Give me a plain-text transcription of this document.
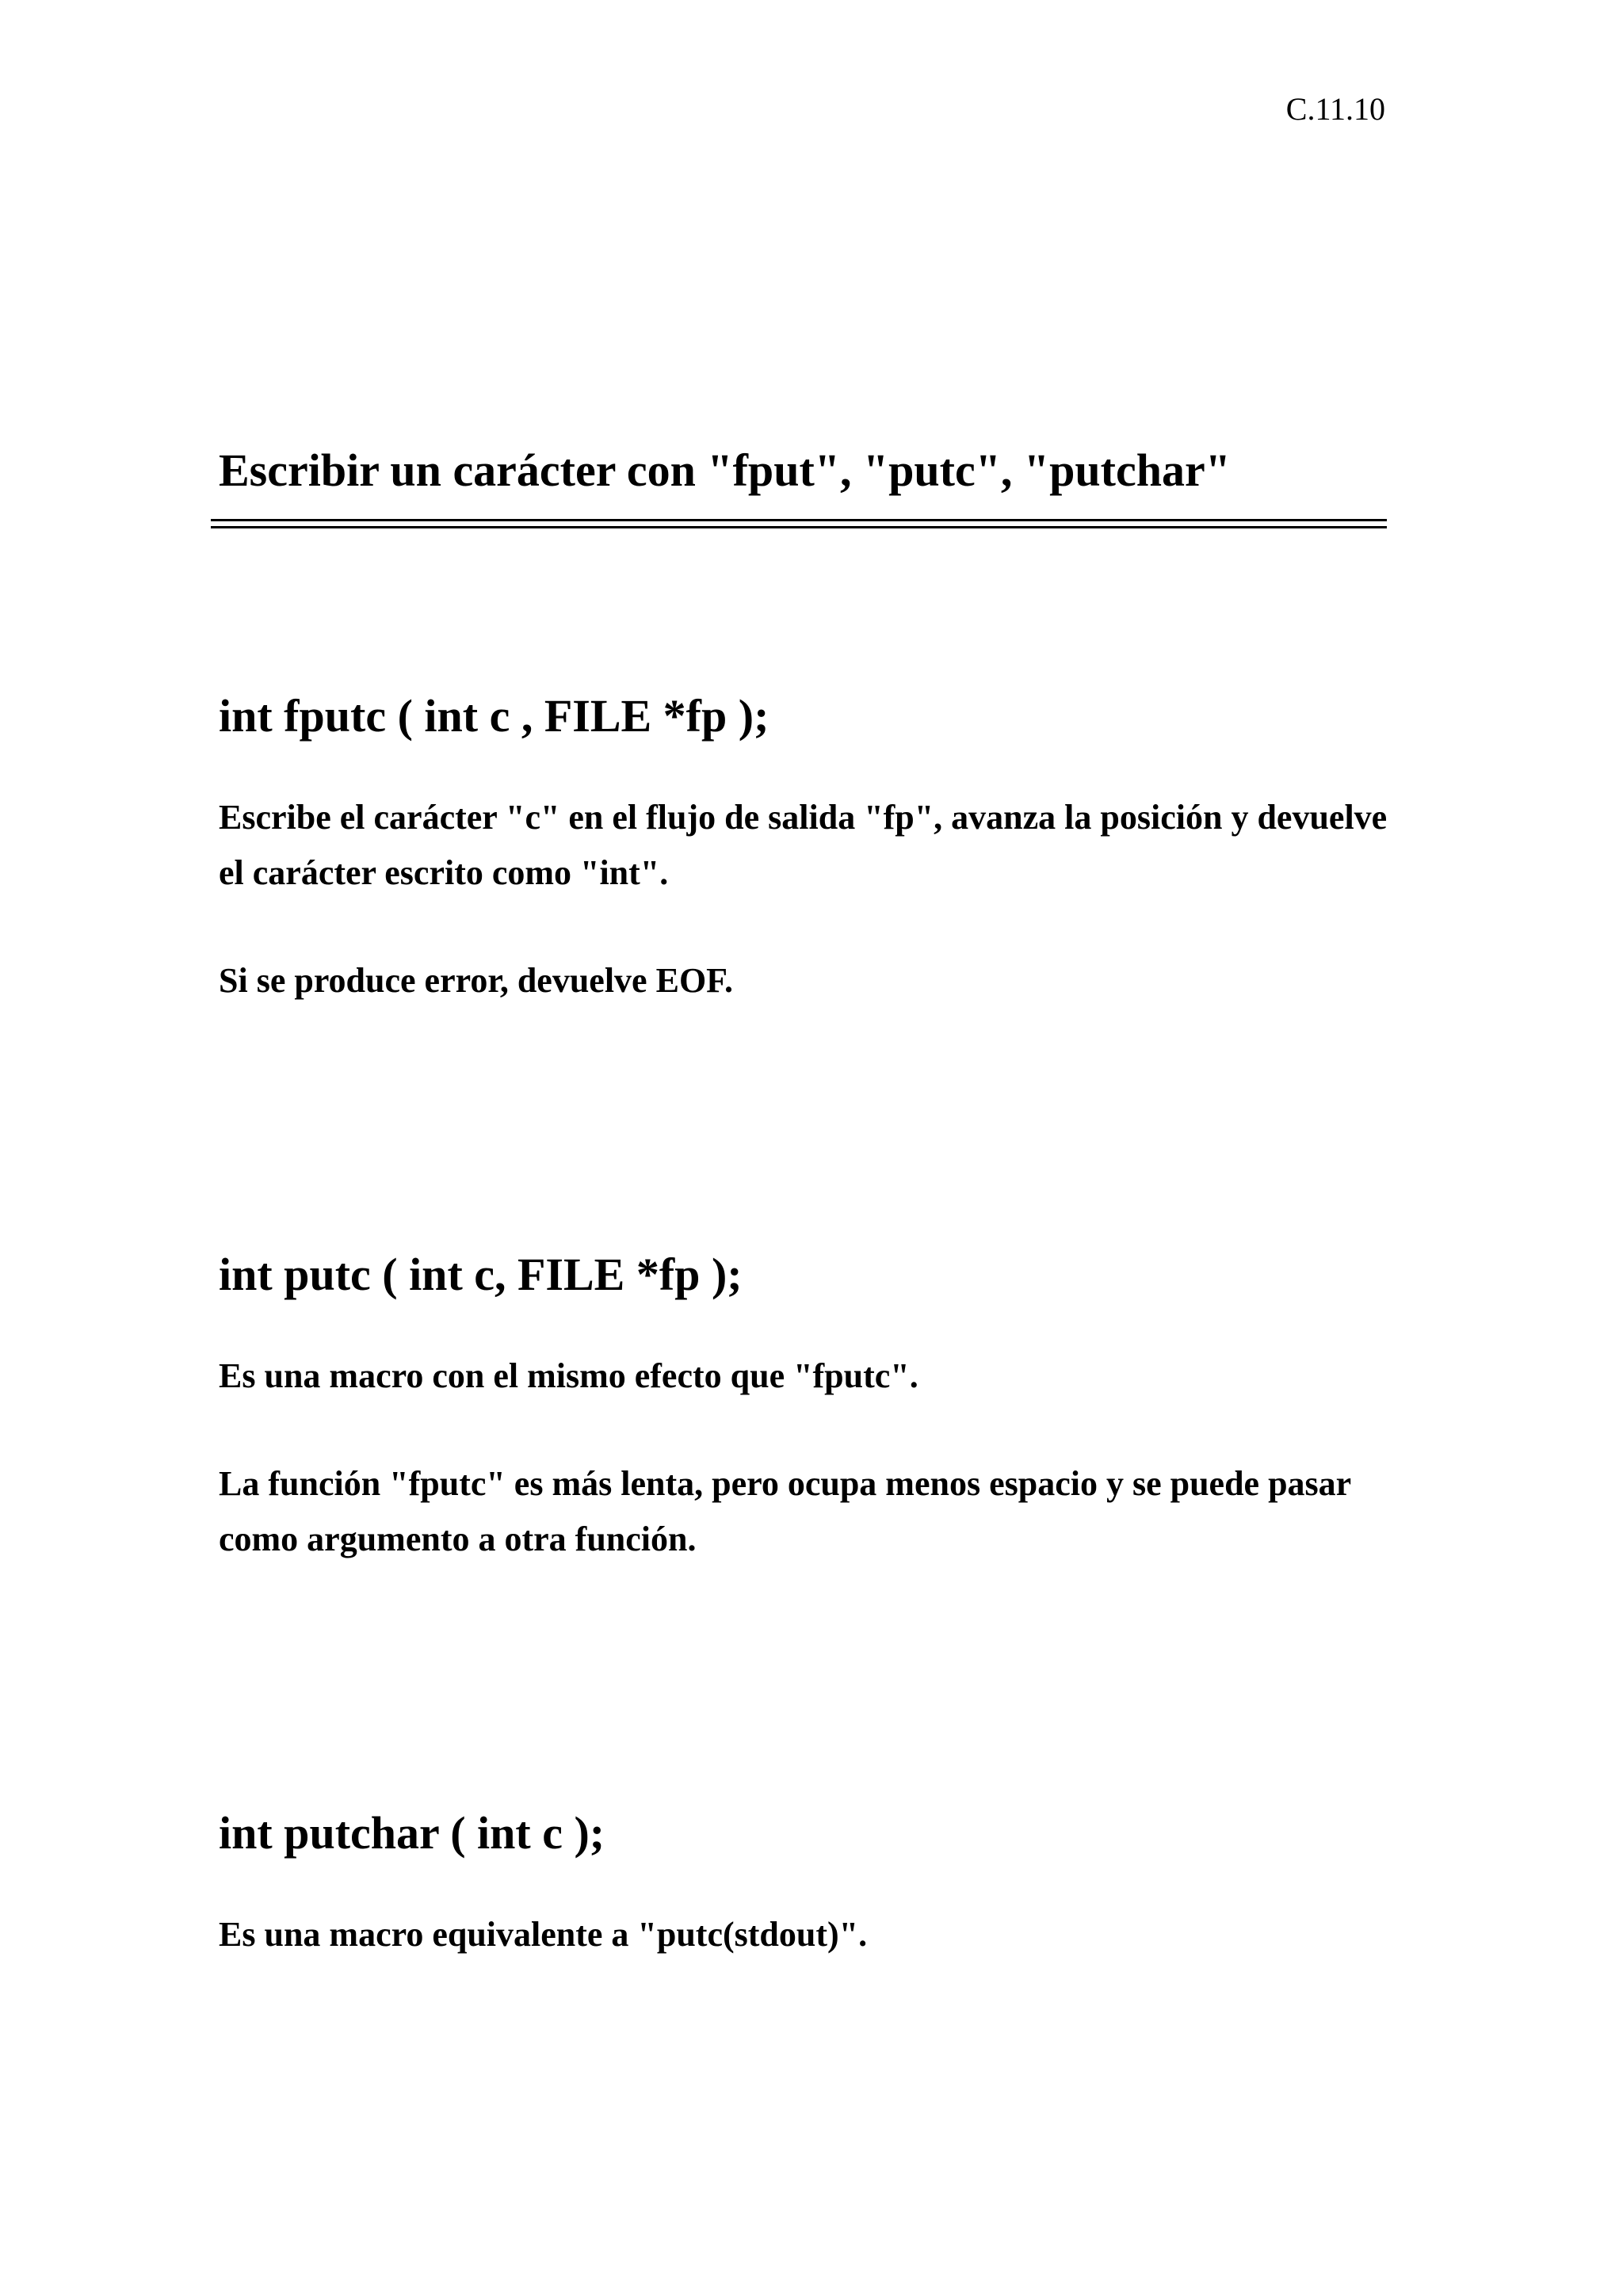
C.11.10
Escribir un carácter con "fput", "putc", "putchar"
int fputc ( int c , FILE *fp );

Escribe el carácter "c" en el flujo de salida "fp", avanza la posición y devuelve el carácter escrito como "int".

Si se produce error, devuelve EOF.

int putc ( int c, FILE *fp );

Es una macro con el mismo efecto que "fputc".

La función "fputc" es más lenta, pero ocupa menos espacio y se puede pasar como argumento a otra función.

int putchar ( int c );

Es una macro equivalente a "putc(stdout)".
